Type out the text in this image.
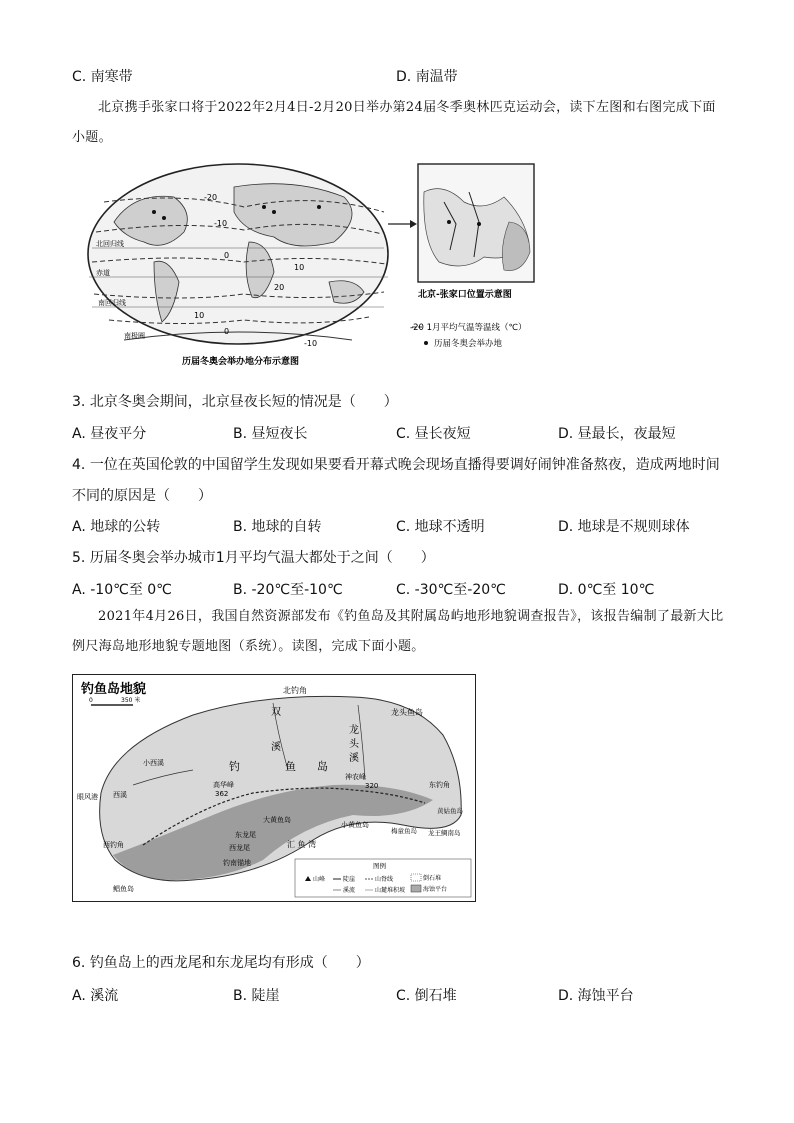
C. 南寒带	D. 南温带
北京携手张家口将于2022年2月4日-2月20日举办第24届冬季奥林匹克运动会，读下左图和右图完成下面小题。
-20
-10
0
10
20
10
0
-10
北回归线
赤道
南回归线
南极圈
历届冬奥会举办地分布示意图
北京-张家口位置示意图
-20 1月平均气温等温线（℃）
历届冬奥会举办地
3. 北京冬奥会期间，北京昼夜长短的情况是（　　）
A. 昼夜平分	B. 昼短夜长	C. 昼长夜短	D. 昼最长，夜最短
4. 一位在英国伦敦的中国留学生发现如果要看开幕式晚会现场直播得要调好闹钟准备熬夜，造成两地时间
不同的原因是（　　）
A. 地球的公转	B. 地球的自转	C. 地球不透明	D. 地球是不规则球体
5. 历届冬奥会举办城市1月平均气温大都处于之间（　　）
A. -10℃至 0℃	B. -20℃至-10℃	C. -30℃至-20℃	D. 0℃至 10℃
2021年4月26日，我国自然资源部发布《钓鱼岛及其附属岛屿地形地貌调查报告》，该报告编制了最新大比例尺海岛地形地貌专题地图（系统）。读图，完成下面小题。
钓鱼岛地貌
0	350 米
北钓角
龙头鱼岛
双
溪
龙
头
溪
钓	鱼 岛
小西溪
高华峰
362
神农峰
320
眼风港 西溪
东钓角
大黄鱼岛
小黄鱼岛
黄姑鱼岛
梅童鱼岛 龙王鲷南岛
东龙尾
西龙尾	汇 鱼 湾
西钓角
钓南锚地
鲳鱼岛
图例
山峰	陡崖	山脊线
溪流	山麓堆积坡
倒石堆
海蚀平台
6. 钓鱼岛上的西龙尾和东龙尾均有形成（　　）
A. 溪流	B. 陡崖	C. 倒石堆	D. 海蚀平台
